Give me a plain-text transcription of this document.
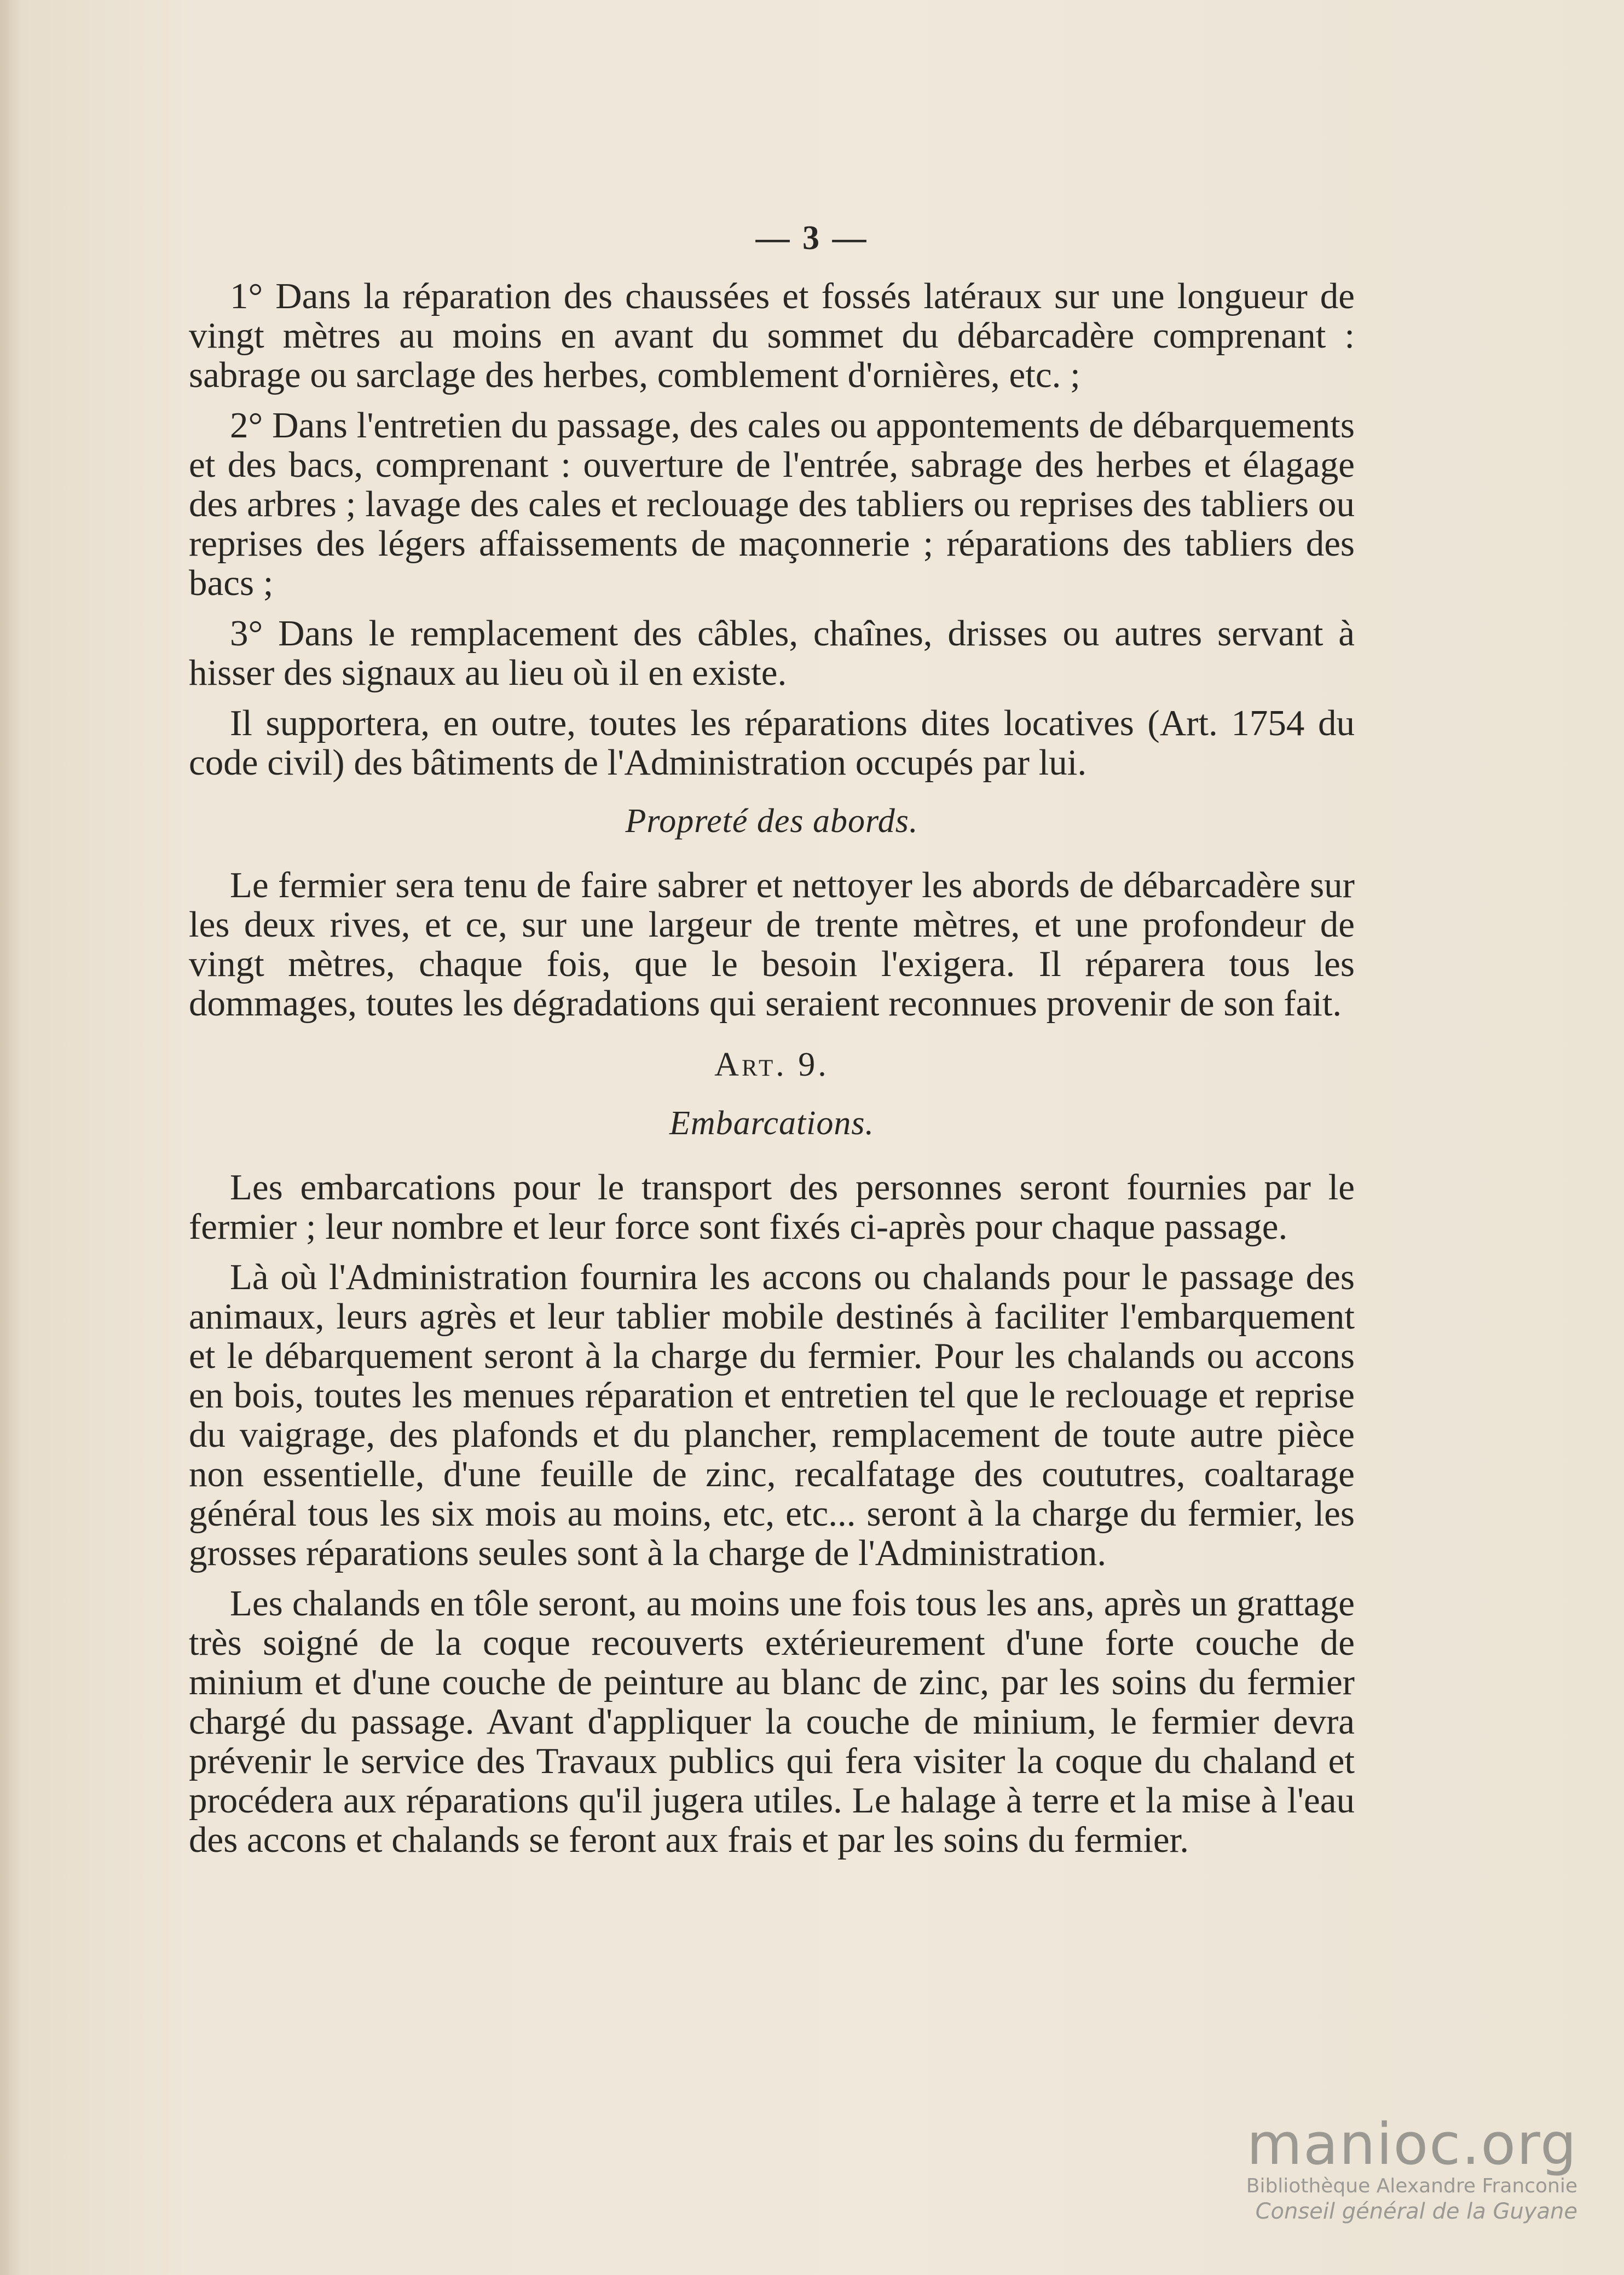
— 3 —

1° Dans la réparation des chaussées et fossés latéraux sur une longueur de vingt mètres au moins en avant du sommet du débarcadère comprenant : sabrage ou sarclage des herbes, comblement d'ornières, etc. ;

2° Dans l'entretien du passage, des cales ou appontements de débarquements et des bacs, comprenant : ouverture de l'entrée, sabrage des herbes et élagage des arbres ; lavage des cales et reclouage des tabliers ou reprises des tabliers ou reprises des légers affaissements de maçonnerie ; réparations des tabliers des bacs ;

3° Dans le remplacement des câbles, chaînes, drisses ou autres servant à hisser des signaux au lieu où il en existe.

Il supportera, en outre, toutes les réparations dites locatives (Art. 1754 du code civil) des bâtiments de l'Administration occupés par lui.

Propreté des abords.

Le fermier sera tenu de faire sabrer et nettoyer les abords de débarcadère sur les deux rives, et ce, sur une largeur de trente mètres, et une profondeur de vingt mètres, chaque fois, que le besoin l'exigera. Il réparera tous les dommages, toutes les dégradations qui seraient reconnues provenir de son fait.

Art. 9.
Embarcations.

Les embarcations pour le transport des personnes seront fournies par le fermier ; leur nombre et leur force sont fixés ci-après pour chaque passage.

Là où l'Administration fournira les accons ou chalands pour le passage des animaux, leurs agrès et leur tablier mobile destinés à faciliter l'embarquement et le débarquement seront à la charge du fermier. Pour les chalands ou accons en bois, toutes les menues réparation et entretien tel que le reclouage et reprise du vaigrage, des plafonds et du plancher, remplacement de toute autre pièce non essentielle, d'une feuille de zinc, recalfatage des coututres, coaltarage général tous les six mois au moins, etc, etc... seront à la charge du fermier, les grosses réparations seules sont à la charge de l'Administration.

Les chalands en tôle seront, au moins une fois tous les ans, après un grattage très soigné de la coque recouverts extérieurement d'une forte couche de minium et d'une couche de peinture au blanc de zinc, par les soins du fermier chargé du passage. Avant d'appliquer la couche de minium, le fermier devra prévenir le service des Travaux publics qui fera visiter la coque du chaland et procédera aux réparations qu'il jugera utiles. Le halage à terre et la mise à l'eau des accons et chalands se feront aux frais et par les soins du fermier.

manioc.org
Bibliothèque Alexandre Franconie
Conseil général de la Guyane
